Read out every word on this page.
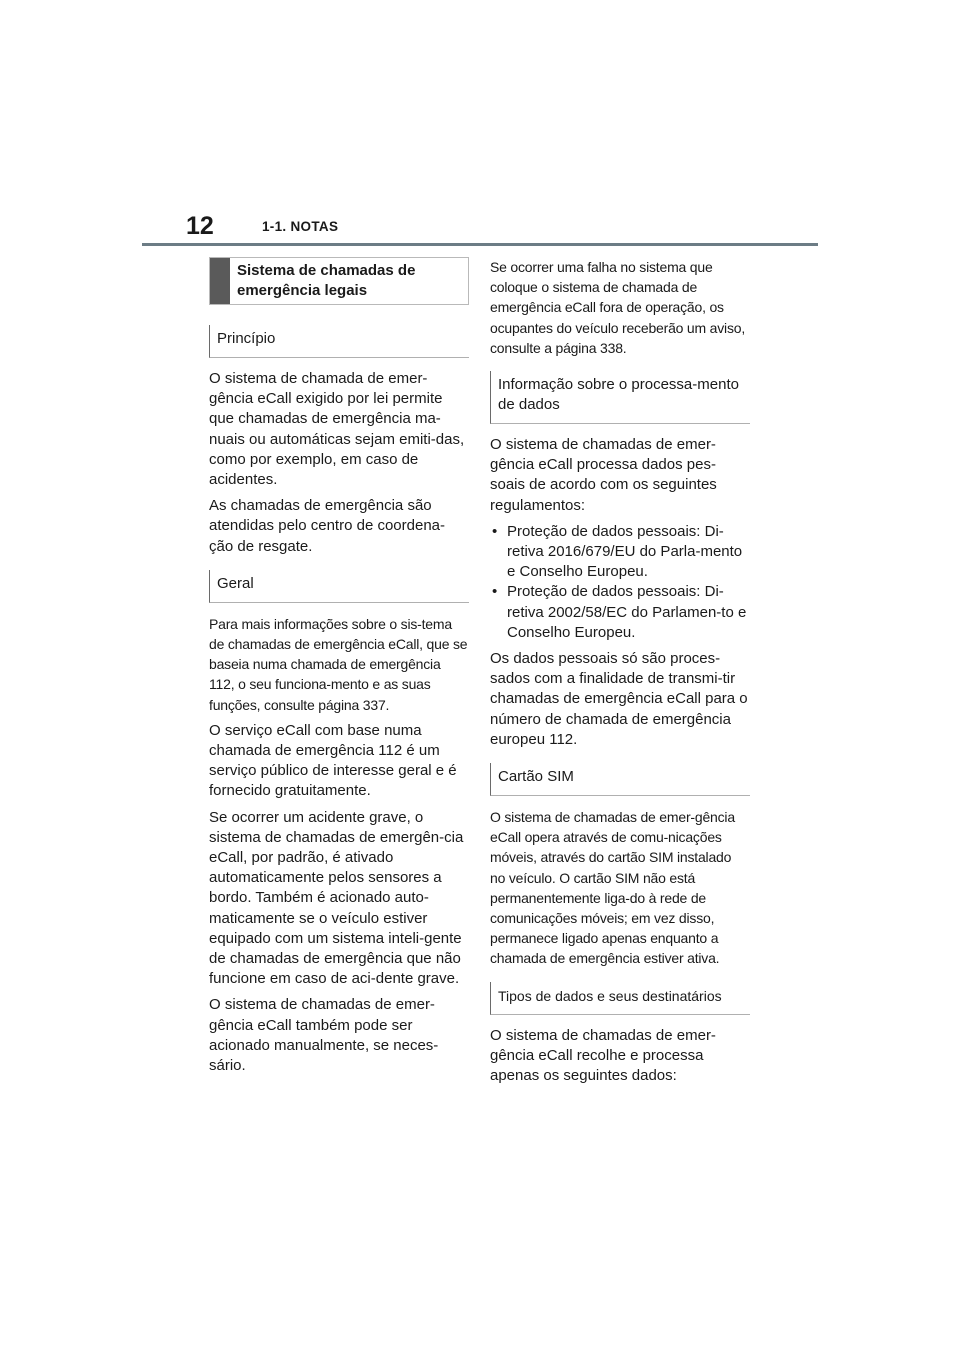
12	1-1. NOTAS
Sistema de chamadas de emergência legais
Princípio

O sistema de chamada de emer-gência eCall exigido por lei permite que chamadas de emergência ma-nuais ou automáticas sejam emiti-das, como por exemplo, em caso de acidentes.

As chamadas de emergência são atendidas pelo centro de coordena-ção de resgate.

Geral

Para mais informações sobre o sis-tema de chamadas de emergência eCall, que se baseia numa chamada de emergência 112, o seu funciona-mento e as suas funções, consulte página 337.

O serviço eCall com base numa chamada de emergência 112 é um serviço público de interesse geral e é fornecido gratuitamente.

Se ocorrer um acidente grave, o sistema de chamadas de emergên-cia eCall, por padrão, é ativado automaticamente pelos sensores a bordo. Também é acionado auto-maticamente se o veículo estiver equipado com um sistema inteli-gente de chamadas de emergência que não funcione em caso de aci-dente grave.

O sistema de chamadas de emer-gência eCall também pode ser acionado manualmente, se neces-sário.

Se ocorrer uma falha no sistema que coloque o sistema de chamada de emergência eCall fora de operação, os ocupantes do veículo receberão um aviso, consulte a página 338.

Informação sobre o processa-mento de dados

O sistema de chamadas de emer-gência eCall processa dados pes-soais de acordo com os seguintes regulamentos:

• Proteção de dados pessoais: Di-retiva 2016/679/EU do Parla-mento e Conselho Europeu.
• Proteção de dados pessoais: Di-retiva 2002/58/EC do Parlamen-to e Conselho Europeu.

Os dados pessoais só são proces-sados com a finalidade de transmi-tir chamadas de emergência eCall para o número de chamada de emergência europeu 112.

Cartão SIM

O sistema de chamadas de emer-gência eCall opera através de comu-nicações móveis, através do cartão SIM instalado no veículo. O cartão SIM não está permanentemente liga-do à rede de comunicações móveis; em vez disso, permanece ligado apenas enquanto a chamada de emergência estiver ativa.

Tipos de dados e seus destinatários

O sistema de chamadas de emer-gência eCall recolhe e processa apenas os seguintes dados:
